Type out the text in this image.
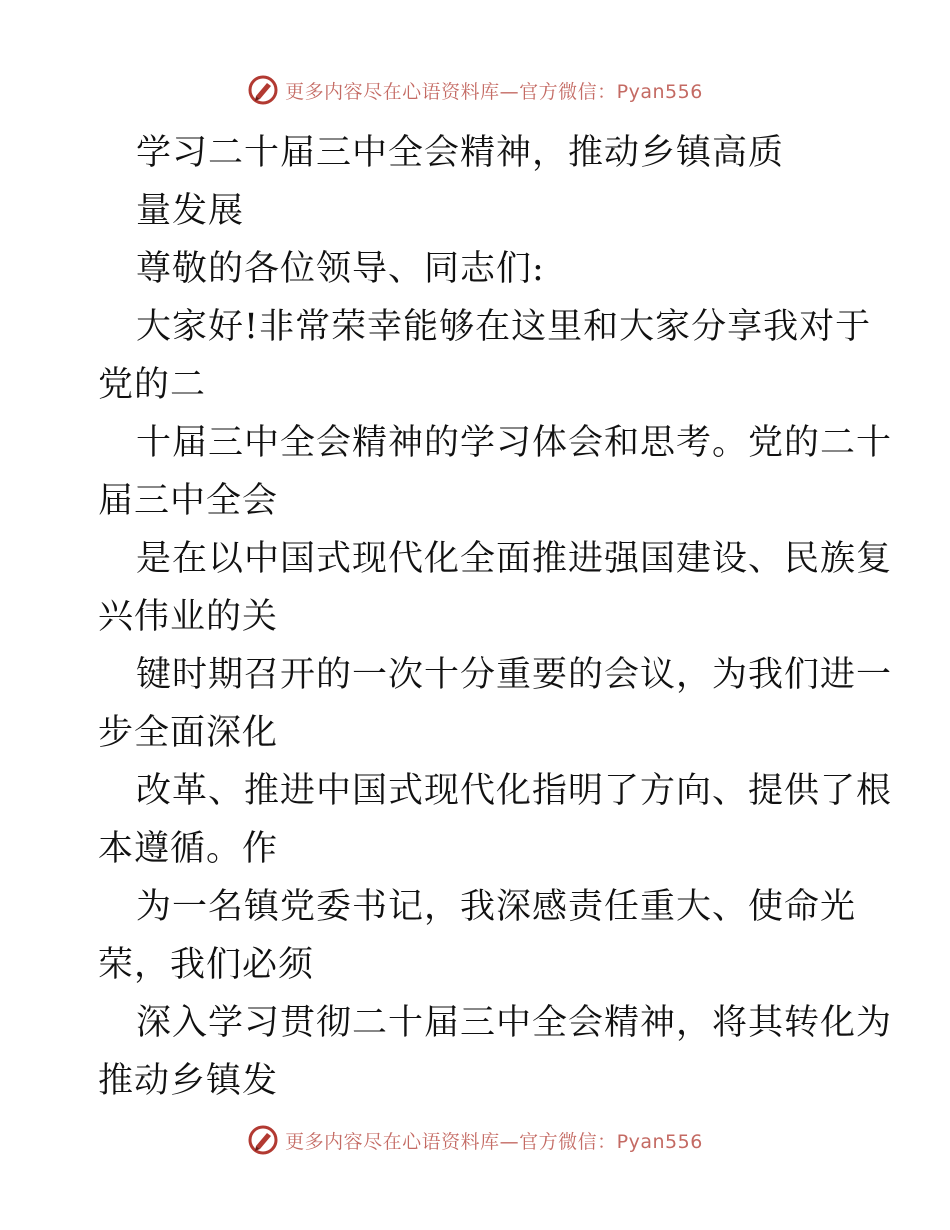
更多内容尽在心语资料库—官方微信：Pyan556
学习二十届三中全会精神，推动乡镇高质
量发展
尊敬的各位领导、同志们:
大家好!非常荣幸能够在这里和大家分享我对于
党的二
十届三中全会精神的学习体会和思考。党的二十
届三中全会
是在以中国式现代化全面推进强国建设、民族复
兴伟业的关
键时期召开的一次十分重要的会议，为我们进一
步全面深化
改革、推进中国式现代化指明了方向、提供了根
本遵循。作
为一名镇党委书记，我深感责任重大、使命光
荣，我们必须
深入学习贯彻二十届三中全会精神，将其转化为
推动乡镇发
更多内容尽在心语资料库—官方微信：Pyan556
